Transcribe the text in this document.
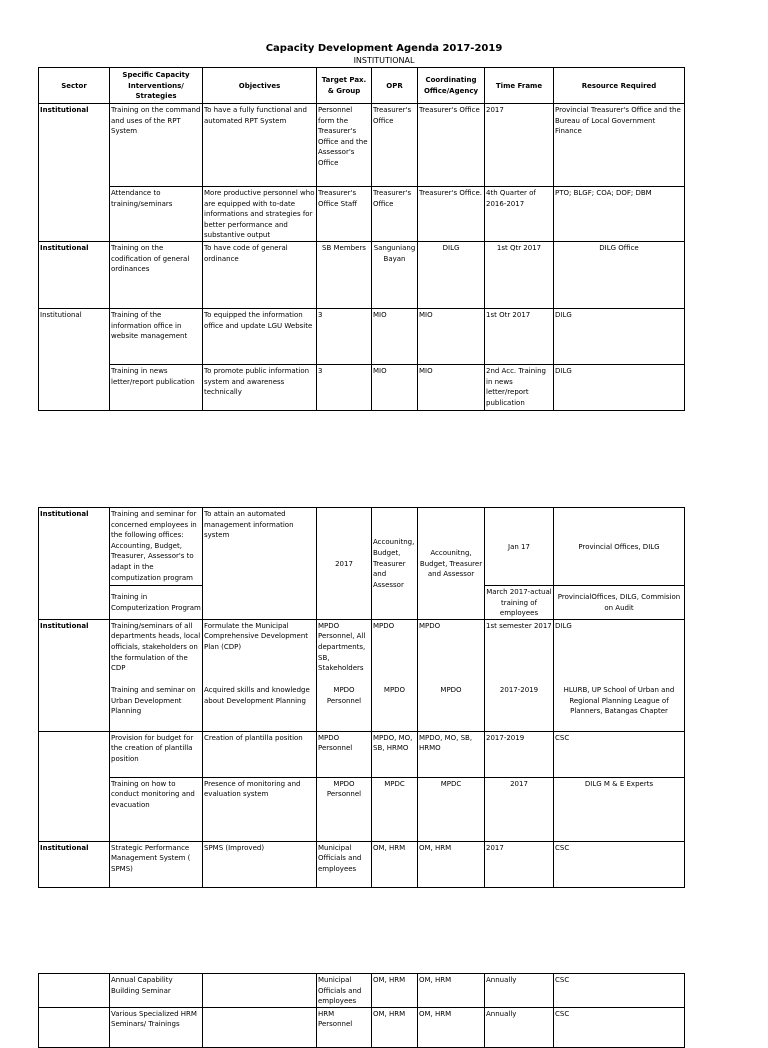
Capacity Development Agenda 2017-2019
INSTITUTIONAL
Sector	Specific Capacity Interventions/ Strategies	Objectives	Target Pax. & Group	OPR	Coordinating Office/Agency	Time Frame	Resource Required
Institutional	Training on the command and uses of the RPT System	To have a fully functional and automated RPT System	Personnel form the Treasurer's Office and the Assessor's Office	Treasurer's Office	Treasurer's Office	2017	Provincial Treasurer's Office and the Bureau of Local Government Finance
	Attendance to training/seminars	More productive personnel who are equipped with to-date informations and strategies for better performance and substantive output	Treasurer's Office Staff	Treasurer's Office	Treasurer's Office.	4th Quarter of 2016-2017	PTO; BLGF; COA; DOF; DBM
Institutional	Training on the codification of general ordinances	To have code of general ordinance	SB Members	Sanguniang Bayan	DILG	1st Qtr 2017	DILG Office
Institutional	Training of the information office in website management	To equipped the information office and update LGU Website	3	MIO	MIO	1st Otr 2017	DILG
	Training in news letter/report publication	To promote public information system and awareness technically	3	MIO	MIO	2nd Acc. Training in news letter/report publication	DILG
Institutional	Training and seminar for concerned employees in the following offices: Accounting, Budget, Treasurer, Assessor's to adapt in the computization program	To attain an automated management information system	2017	Accounitng, Budget, Treasurer and Assessor	Accounitng, Budget, Treasurer and Assessor	Jan 17	Provincial Offices, DILG
	Training in Computerization Program					March 2017-actual training of employees	ProvincialOffices, DILG, Commision on Audit
Institutional	Training/seminars of all departments heads, local officials, stakeholders on the formulation of the CDP	Formulate the Municipal Comprehensive Development Plan (CDP)	MPDO Personnel, All departments, SB, Stakeholders	MPDO	MPDO	1st semester 2017	DILG
	Training and seminar on Urban Development Planning	Acquired skills and knowledge about Development Planning	MPDO Personnel	MPDO	MPDO	2017-2019	HLURB, UP School of Urban and Regional Planning League of Planners, Batangas Chapter
	Provision for budget for the creation of plantilla position	Creation of plantilla position	MPDO Personnel	MPDO, MO, SB, HRMO	MPDO, MO, SB, HRMO	2017-2019	CSC
	Training on how to conduct monitoring and evacuation	Presence of monitoring and evaluation system	MPDO Personnel	MPDC	MPDC	2017	DILG M & E Experts
Institutional	Strategic Performance Management System ( SPMS)	SPMS (Improved)	Municipal Officials and employees	OM, HRM	OM, HRM	2017	CSC
	Annual Capability Building Seminar		Municipal Officials and employees	OM, HRM	OM, HRM	Annually	CSC
	Various Specialized HRM Seminars/ Trainings		HRM Personnel	OM, HRM	OM, HRM	Annually	CSC
